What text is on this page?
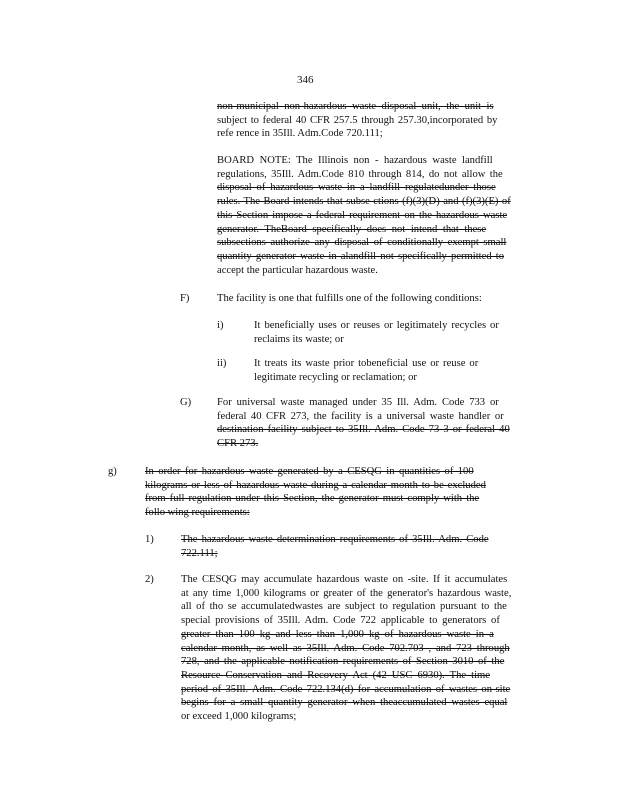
346
F)
i)
ii)
G)
g)
1)
2)
non-municipal non-hazardous waste disposal unit, the unit is
subject to federal 40 CFR 257.5 through 257.30,incorporated by
refe rence in 35Ill. Adm.Code 720.111;
BOARD NOTE: The Illinois non - hazardous waste landfill
regulations, 35Ill. Adm.Code 810 through 814, do not allow the
disposal of hazardous waste in a landfill regulatedunder those
rules. The Board intends that subse ctions (f)(3)(D) and (f)(3)(E) of
this Section impose a federal requirement on the hazardous waste
generator. TheBoard specifically does not intend that these
subsections authorize any disposal of conditionally exempt small
quantity generator waste in alandfill not specifically permitted to
accept the particular hazardous waste.
The facility is one that fulfills one of the following conditions:
It beneficially uses or reuses or legitimately recycles or
reclaims its waste; or
It treats its waste prior tobeneficial use or reuse or
legitimate recycling or reclamation; or
For universal waste managed under 35 Ill. Adm. Code 733 or
federal 40 CFR 273, the facility is a universal waste handler or
destination facility subject to 35Ill. Adm. Code 73 3 or federal 40
CFR 273.
In order for hazardous waste generated by a CESQG in quantities of 100
kilograms or less of hazardous waste during a calendar month to be excluded
from full regulation under this Section, the generator must comply with the
follo wing requirements:
The hazardous waste determination requirements of 35Ill. Adm. Code
722.111;
The CESQG may accumulate hazardous waste on -site. If it accumulates
at any time 1,000 kilograms or greater of the generator's hazardous waste,
all of tho se accumulatedwastes are subject to regulation pursuant to the
special provisions of 35Ill. Adm. Code 722 applicable to generators of
greater than 100 kg and less than 1,000 kg of hazardous waste in a
calendar month, as well as 35Ill. Adm. Code 702.703 , and 723 through
728, and the applicable notification requirements of Section 3010 of the
Resource Conservation and Recovery Act (42 USC 6930). The time
period of 35Ill. Adm. Code 722.134(d) for accumulation of wastes on-site
begins for a small quantity generator when theaccumulated wastes equal
or exceed 1,000 kilograms;
